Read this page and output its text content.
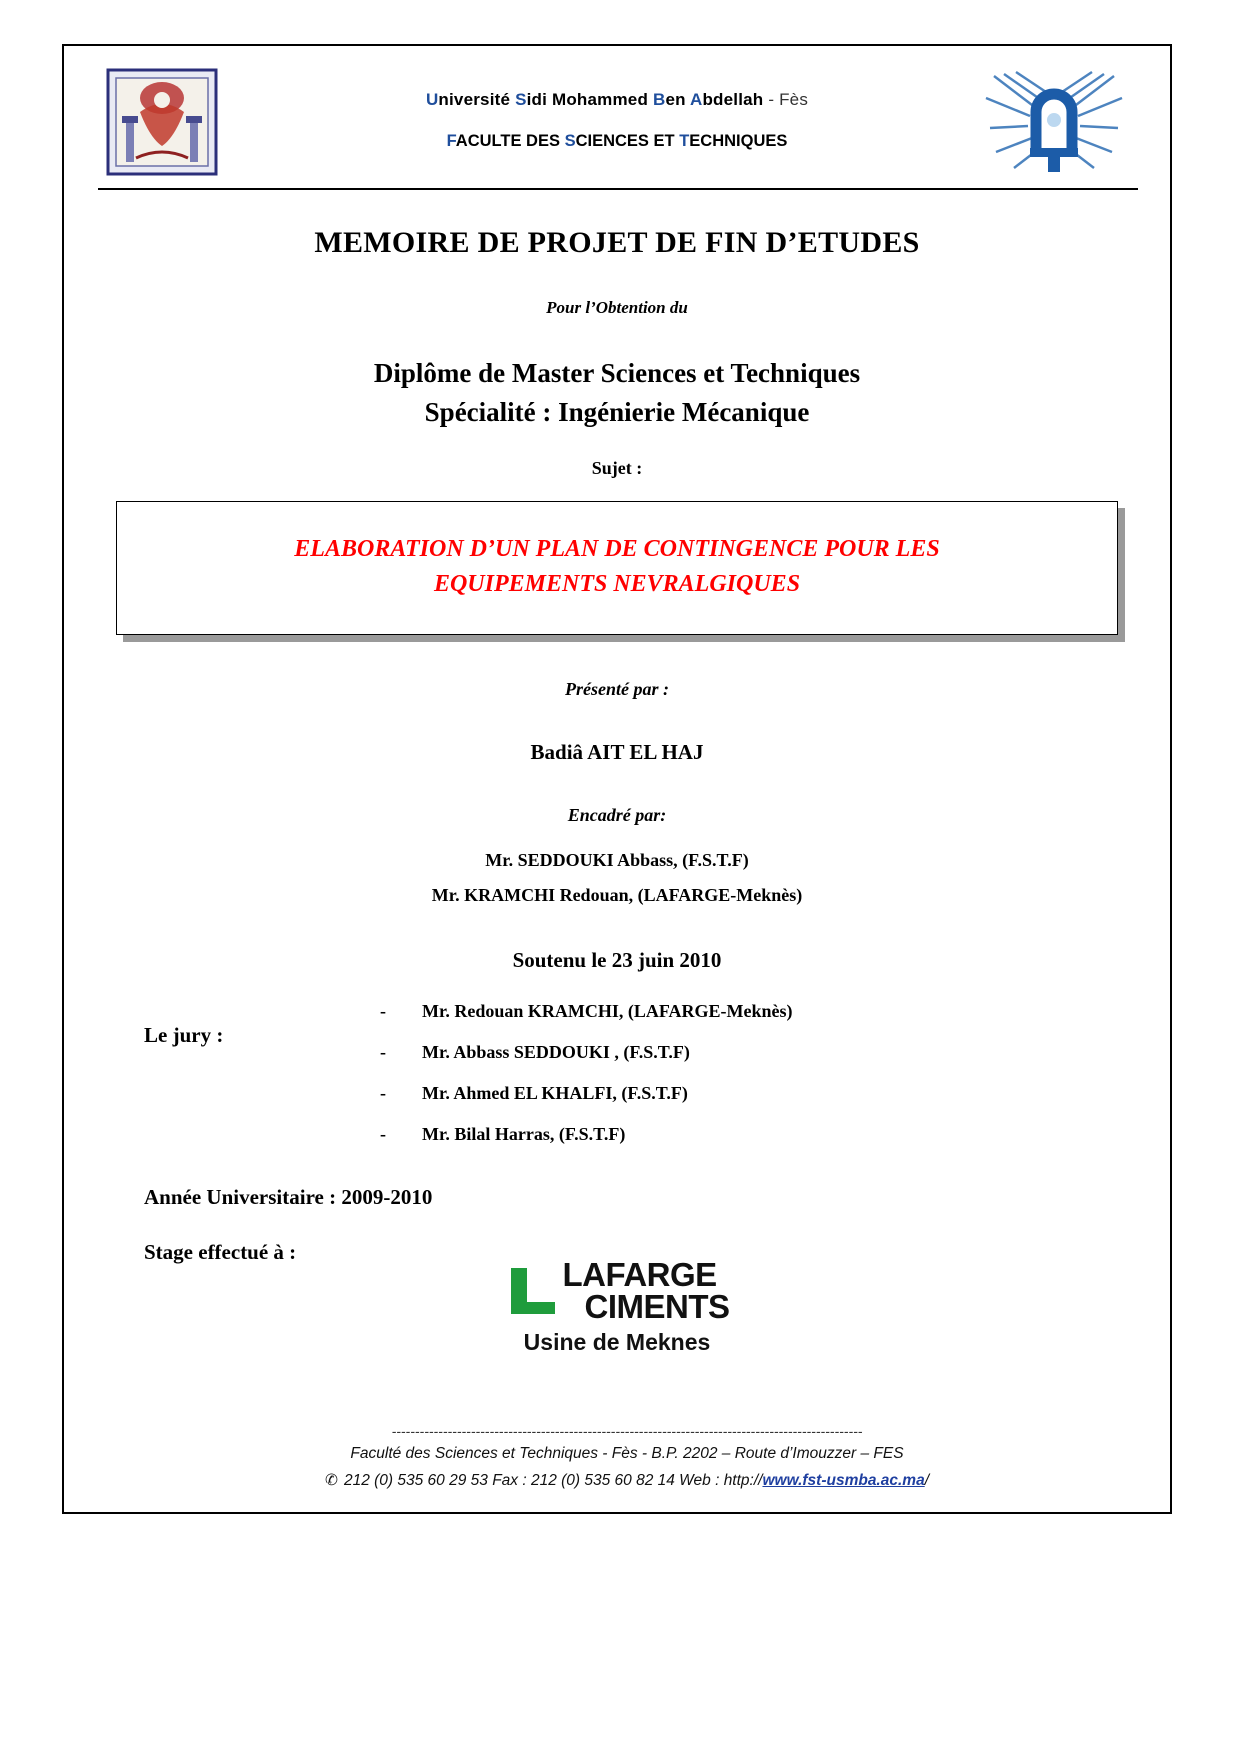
Université Sidi Mohammed Ben Abdellah - Fès
FACULTE DES SCIENCES ET TECHNIQUES
MEMOIRE DE PROJET DE FIN D’ETUDES
Pour l’Obtention du
Diplôme de Master Sciences et Techniques
Spécialité : Ingénierie Mécanique
Sujet :
ELABORATION D’UN PLAN DE CONTINGENCE POUR LES
EQUIPEMENTS NEVRALGIQUES
Présenté par :
Badiâ AIT EL HAJ
Encadré par:
Mr. SEDDOUKI Abbass, (F.S.T.F)
Mr. KRAMCHI Redouan, (LAFARGE-Meknès)
Soutenu le 23 juin 2010
Le jury :
- Mr. Redouan KRAMCHI, (LAFARGE-Meknès)
- Mr. Abbass SEDDOUKI , (F.S.T.F)
- Mr. Ahmed EL KHALFI, (F.S.T.F)
- Mr. Bilal Harras, (F.S.T.F)
Année Universitaire : 2009-2010
Stage effectué à :
LAFARGE
CIMENTS
Usine de Meknes
-----------------------------------------------------------------------------------------------------
Faculté des Sciences et Techniques - Fès - B.P. 2202 – Route d’Imouzzer – FES
✆ 212 (0) 535 60 29 53 Fax : 212 (0) 535 60 82 14 Web : http://www.fst-usmba.ac.ma/
